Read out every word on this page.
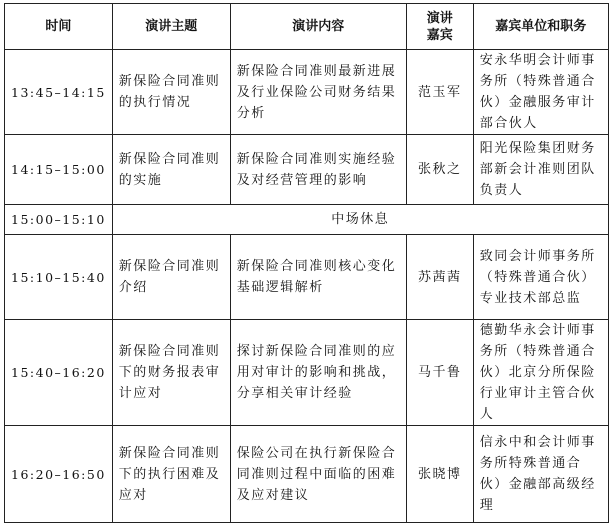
时间	演讲主题	演讲内容	演讲嘉宾	嘉宾单位和职务
13:45–14:15	新保险合同准则的执行情况	新保险合同准则最新进展及行业保险公司财务结果分析	范玉军	安永华明会计师事务所（特殊普通合伙）金融服务审计部合伙人
14:15–15:00	新保险合同准则的实施	新保险合同准则实施经验及对经营管理的影响	张秋之	阳光保险集团财务部新会计准则团队负责人
15:00–15:10	中场休息			
15:10–15:40	新保险合同准则介绍	新保险合同准则核心变化基础逻辑解析	苏茜茜	致同会计师事务所（特殊普通合伙）专业技术部总监
15:40–16:20	新保险合同准则下的财务报表审计应对	探讨新保险合同准则的应用对审计的影响和挑战，分享相关审计经验	马千鲁	德勤华永会计师事务所（特殊普通合伙）北京分所保险行业审计主管合伙人
16:20–16:50	新保险合同准则下的执行困难及应对	保险公司在执行新保险合同准则过程中面临的困难及应对建议	张晓博	信永中和会计师事务所特殊普通合伙）金融部高级经理
